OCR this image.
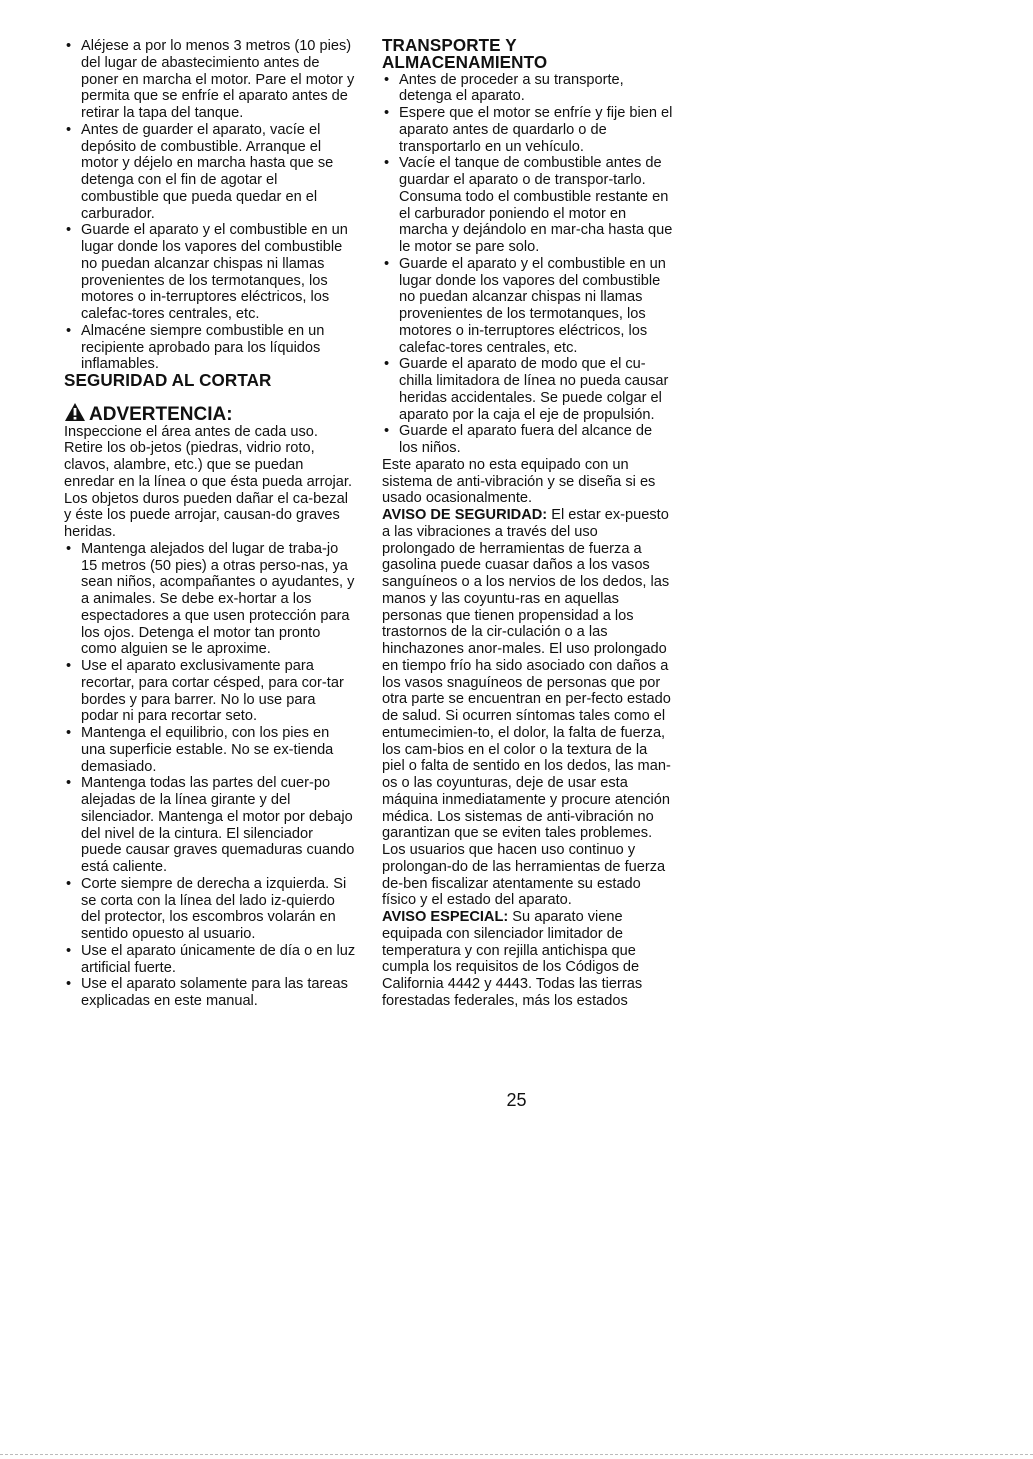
• Aléjese a por lo menos 3 metros (10 pies) del lugar de abastecimiento antes de poner en marcha el motor. Pare el motor y permita que se enfríe el aparato antes de retirar la tapa del tanque.
• Antes de guarder el aparato, vacíe el depósito de combustible. Arranque el motor y déjelo en marcha hasta que se detenga con el fin de agotar el combustible que pueda quedar en el carburador.
• Guarde el aparato y el combustible en un lugar donde los vapores del combustible no puedan alcanzar chispas ni llamas provenientes de los termotanques, los motores o in-terruptores eléctricos, los calefac-tores centrales, etc.
• Almacéne siempre combustible en un recipiente aprobado para los líquidos inflamables.
SEGURIDAD AL CORTAR
ADVERTENCIA:

Inspeccione el área antes de cada uso. Retire los ob-jetos (piedras, vidrio roto, clavos, alambre, etc.) que se puedan enredar en la línea o que ésta pueda arrojar. Los objetos duros pueden dañar el ca-bezal y éste los puede arrojar, causan-do graves heridas.

• Mantenga alejados del lugar de traba-jo 15 metros (50 pies) a otras perso-nas, ya sean niños, acompañantes o ayudantes, y a animales. Se debe ex-hortar a los espectadores a que usen protección para los ojos. Detenga el motor tan pronto como alguien se le aproxime.
• Use el aparato exclusivamente para recortar, para cortar césped, para cor-tar bordes y para barrer. No lo use para podar ni para recortar seto.
• Mantenga el equilibrio, con los pies en una superficie estable. No se ex-tienda demasiado.
• Mantenga todas las partes del cuer-po alejadas de la línea girante y del silenciador. Mantenga el motor por debajo del nivel de la cintura. El silenciador puede causar graves quemaduras cuando está caliente.
• Corte siempre de derecha a izquierda. Si se corta con la línea del lado iz-quierdo del protector, los escombros volarán en sentido opuesto al usuario.
• Use el aparato únicamente de día o en luz artificial fuerte.
• Use el aparato solamente para las tareas explicadas en este manual.
TRANSPORTE Y ALMACENAMIENTO
• Antes de proceder a su transporte, detenga el aparato.
• Espere que el motor se enfríe y fije bien el aparato antes de quardarlo o de transportarlo en un vehículo.
• Vacíe el tanque de combustible antes de guardar el aparato o de transpor-tarlo. Consuma todo el combustible restante en el carburador poniendo el motor en marcha y dejándolo en mar-cha hasta que le motor se pare solo.
• Guarde el aparato y el combustible en un lugar donde los vapores del combustible no puedan alcanzar chispas ni llamas provenientes de los termotanques, los motores o in-terruptores eléctricos, los calefac-tores centrales, etc.
• Guarde el aparato de modo que el cu-chilla limitadora de línea no pueda causar heridas accidentales. Se puede colgar el aparato por la caja el eje de propulsión.
• Guarde el aparato fuera del alcance de los niños.

Este aparato no esta equipado con un sistema de anti-vibración y se diseña si es usado ocasionalmente.

AVISO DE SEGURIDAD: El estar ex-puesto a las vibraciones a través del uso prolongado de herramientas de fuerza a gasolina puede cuasar daños a los vasos sanguíneos o a los nervios de los dedos, las manos y las coyuntu-ras en aquellas personas que tienen propensidad a los trastornos de la cir-culación o a las hinchazones anor-males. El uso prolongado en tiempo frío ha sido asociado con daños a los vasos snaguíneos de personas que por otra parte se encuentran en per-fecto estado de salud. Si ocurren síntomas tales como el entumecimien-to, el dolor, la falta de fuerza, los cam-bios en el color o la textura de la piel o falta de sentido en los dedos, las man-os o las coyunturas, deje de usar esta máquina inmediatamente y procure atención médica. Los sistemas de anti-vibración no garantizan que se eviten tales problemes. Los usuarios que hacen uso continuo y prolongan-do de las herramientas de fuerza de-ben fiscalizar atentamente su estado físico y el estado del aparato.

AVISO ESPECIAL: Su aparato viene equipada con silenciador limitador de temperatura y con rejilla antichispa que cumpla los requisitos de los Códigos de California 4442 y 4443. Todas las tierras forestadas federales, más los estados

25
